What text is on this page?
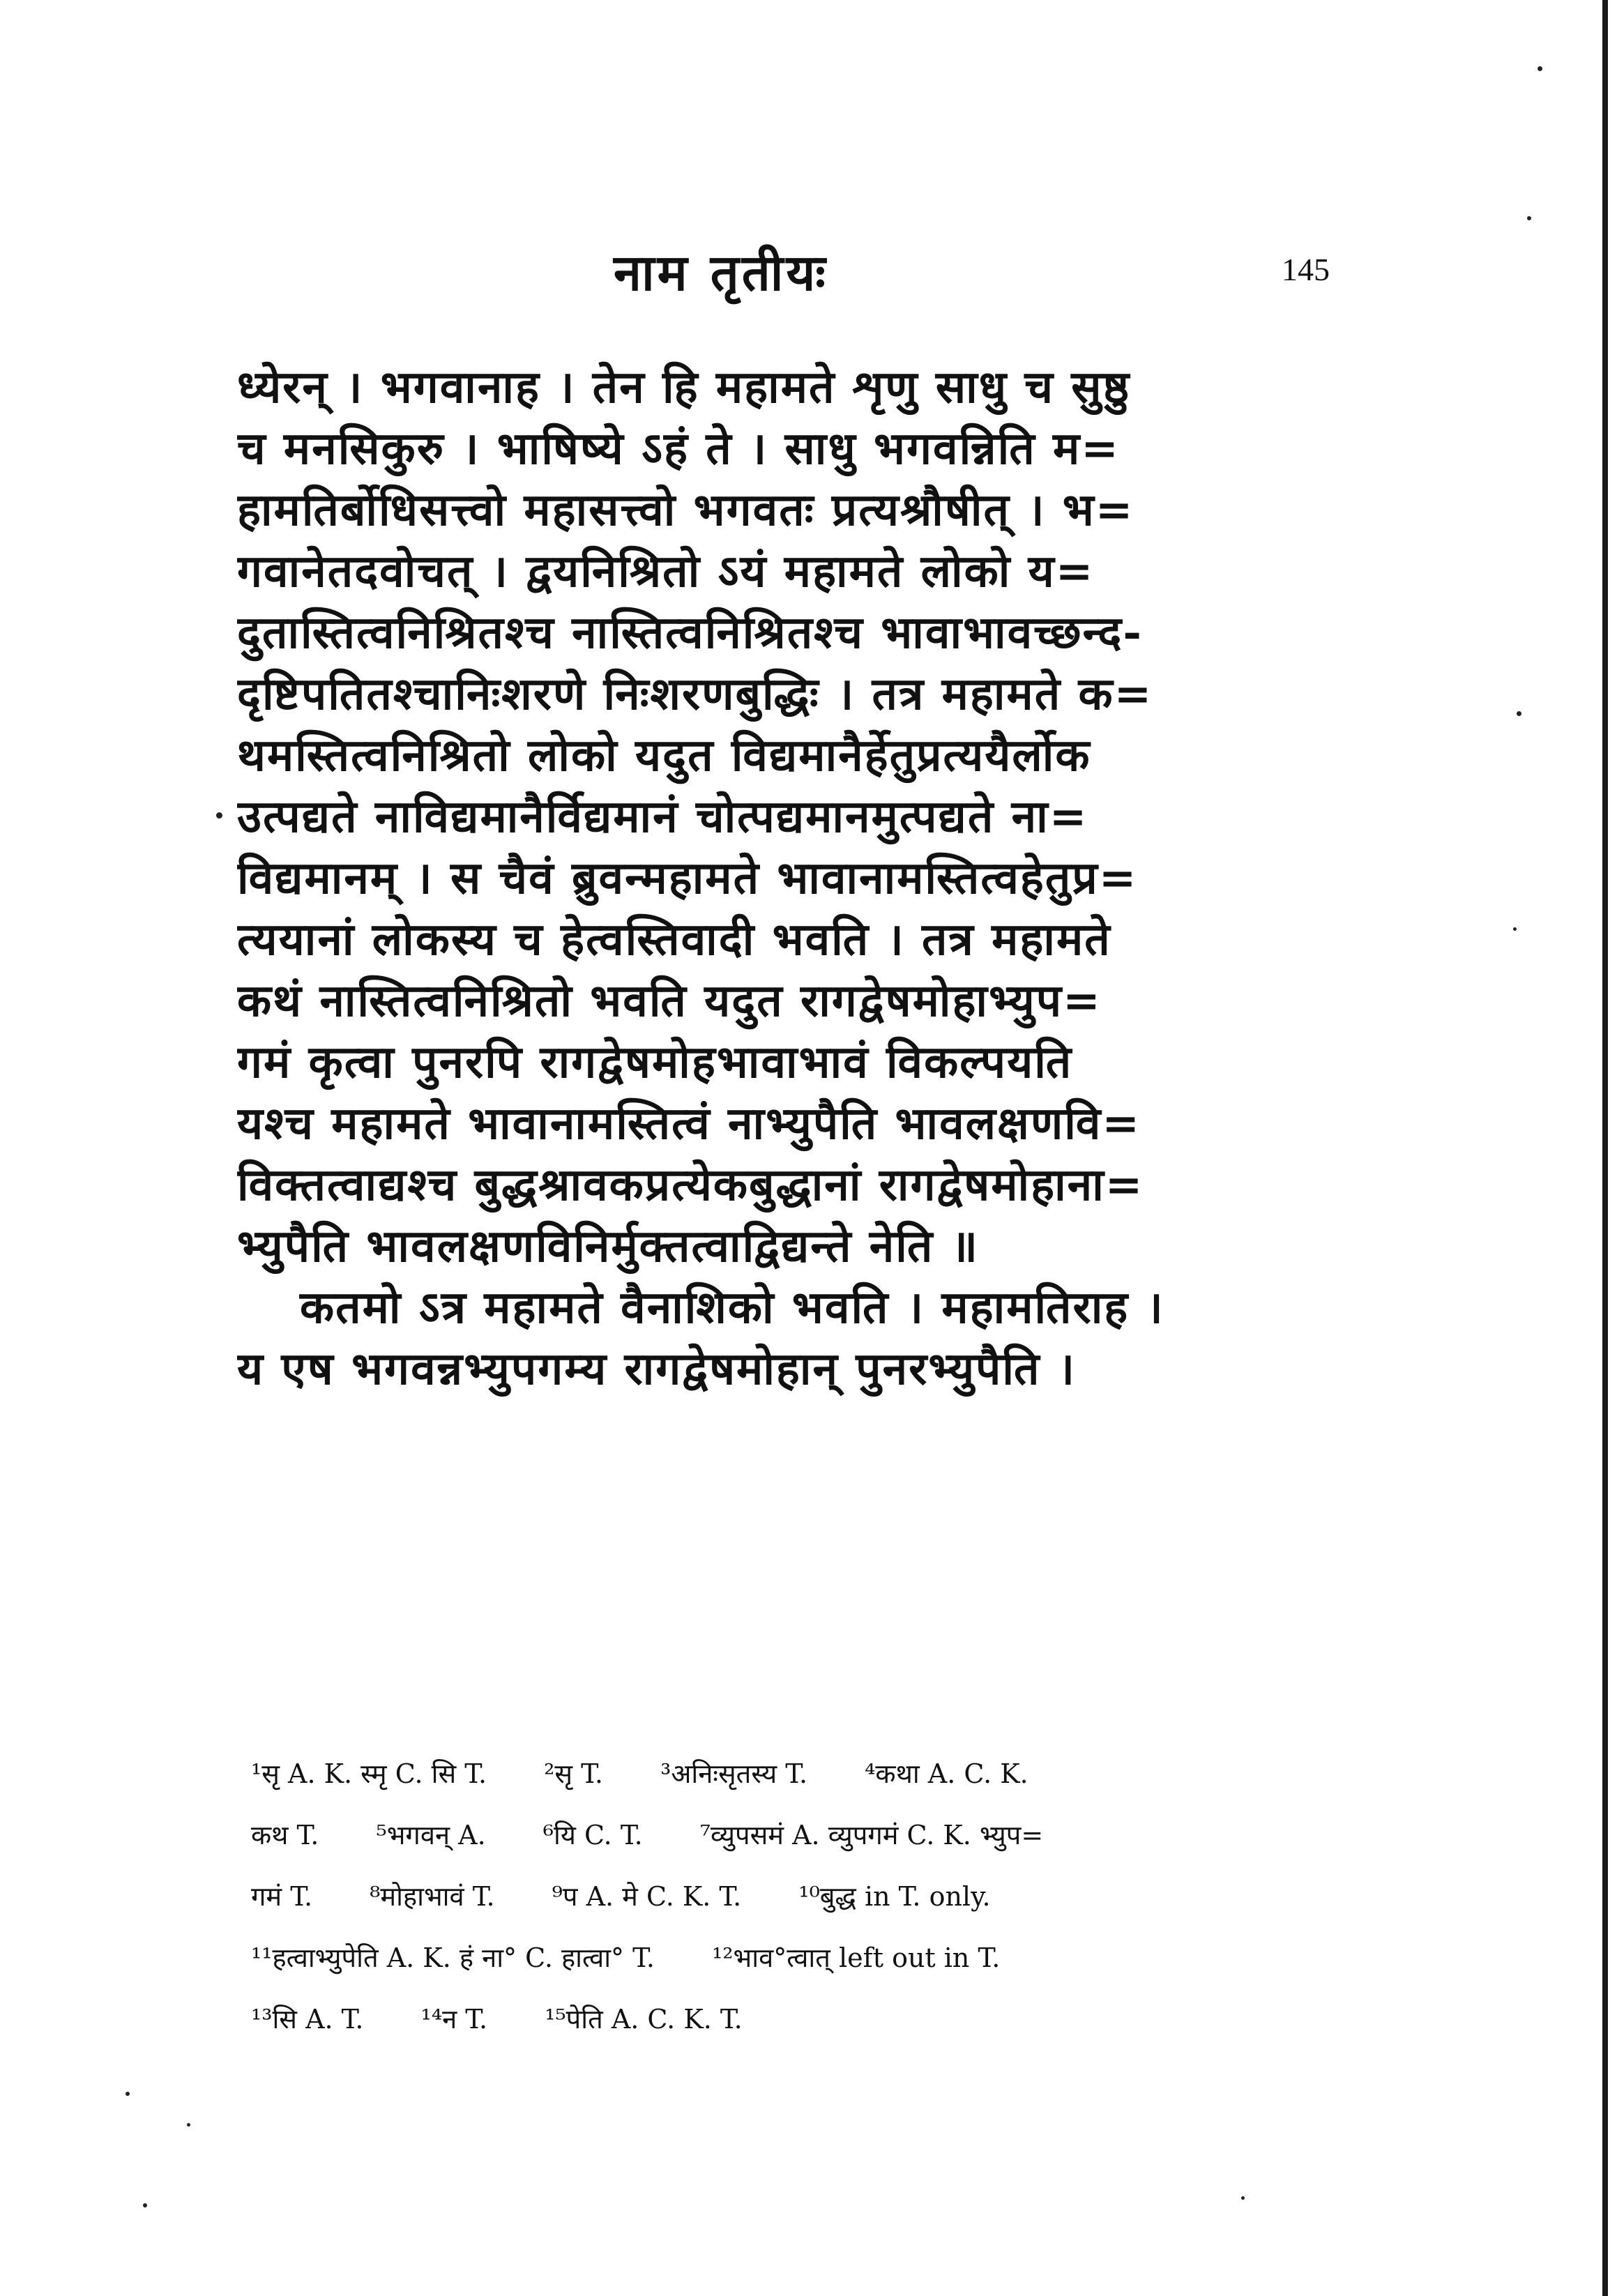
नाम तृतीयः	145
ध्येरन् । भगवानाह । तेन हि महामते शृणु साधु च सुष्ठु
च मनसिकुरु । भाषिष्ये ऽहं ते । साधु भगवन्निति म=
हामतिर्बोधिसत्त्वो महासत्त्वो भगवतः प्रत्यश्रौषीत् । भ=
गवानेतदवोचत् । द्वयनिश्रितो ऽयं महामते लोको य=
दुतास्तित्वनिश्रितश्च नास्तित्वनिश्रितश्च भावाभावच्छन्द-
दृष्टिपतितश्चानिःशरणे निःशरणबुद्धिः । तत्र महामते क=
थमस्तित्वनिश्रितो लोको यदुत विद्यमानैर्हेतुप्रत्ययैर्लोक
उत्पद्यते नाविद्यमानैर्विद्यमानं चोत्पद्यमानमुत्पद्यते ना=
विद्यमानम् । स चैवं ब्रुवन्महामते भावानामस्तित्वहेतुप्र=
त्ययानां लोकस्य च हेत्वस्तिवादी भवति । तत्र महामते
कथं नास्तित्वनिश्रितो भवति यदुत रागद्वेषमोहाभ्युप=
गमं कृत्वा पुनरपि रागद्वेषमोहभावाभावं विकल्पयति
यश्च महामते भावानामस्तित्वं नाभ्युपैति भावलक्षणवि=
विक्तत्वाद्यश्च बुद्धश्रावकप्रत्येकबुद्धानां रागद्वेषमोहाना=
भ्युपैति भावलक्षणविनिर्मुक्तत्वाद्विद्यन्ते नेति ॥
कतमो ऽत्र महामते वैनाशिको भवति । महामतिराह ।
य एष भगवन्नभ्युपगम्य रागद्वेषमोहान् पुनरभ्युपैति ।
¹सृ A. K. स्मृ C. सि T. ²सृ T. ³अनिःसृतस्य T. ⁴कथा A. C. K.
कथ T. ⁵भगवन् A. ⁶यि C. T. ⁷व्युपसमं A. व्युपगमं C. K. भ्युप=
गमं T. ⁸मोहाभावं T. ⁹प A. मे C. K. T. ¹⁰बुद्ध in T. only.
¹¹हत्वाभ्युपेति A. K. हं ना° C. हात्वा° T. ¹²भाव°त्वात् left out in T.
¹³सि A. T. ¹⁴न T. ¹⁵पेति A. C. K. T.
